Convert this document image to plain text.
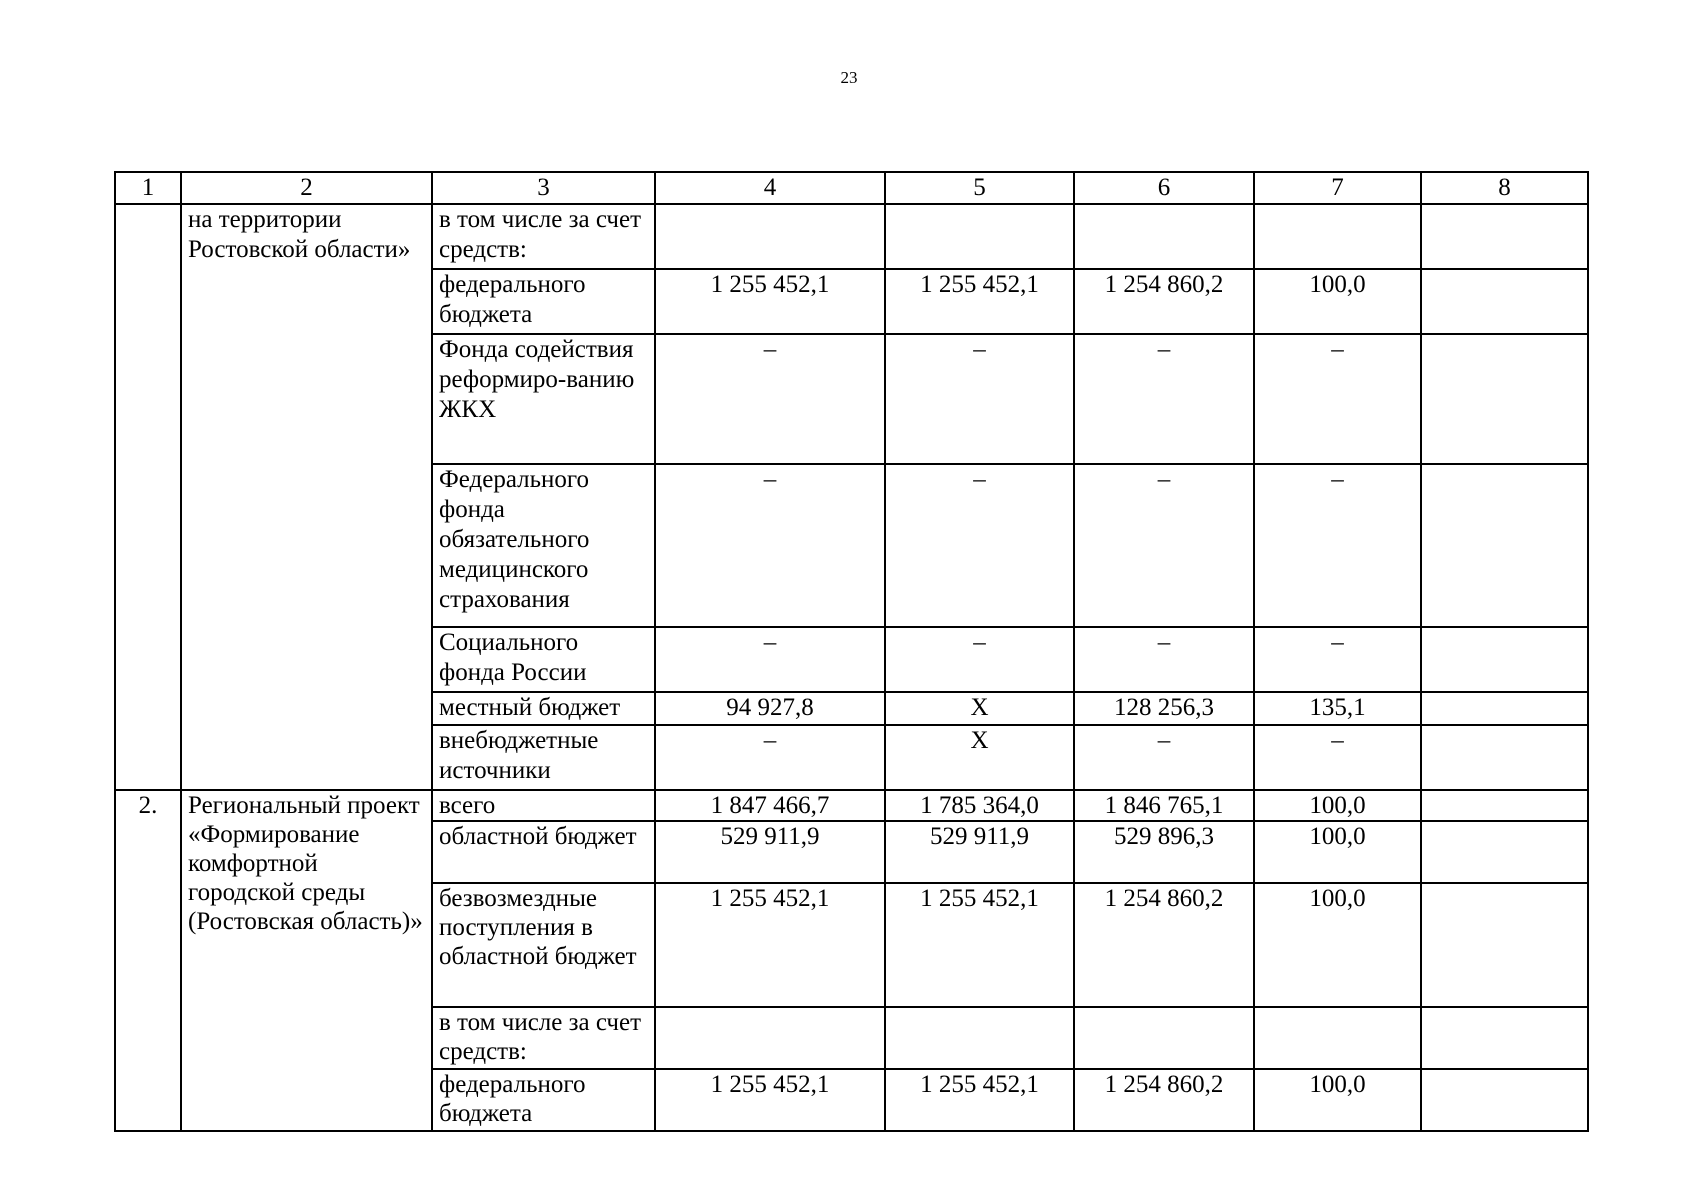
23
1	2	3	4	5	6	7	8
	на территории Ростовской области»	в том числе за счет средств:					
		федерального бюджета	1 255 452,1	1 255 452,1	1 254 860,2	100,0	
		Фонда содействия реформиро-ванию ЖКХ	–	–	–	–	
		Федерального фонда обязательного медицинского страхования	–	–	–	–	
		Социального фонда России	–	–	–	–	
		местный бюджет	94 927,8	Х	128 256,3	135,1	
		внебюджетные источники	–	Х	–	–	
2.	Региональный проект «Формирование комфортной городской среды (Ростовская область)»	всего	1 847 466,7	1 785 364,0	1 846 765,1	100,0	
		областной бюджет	529 911,9	529 911,9	529 896,3	100,0	
		безвозмездные поступления в областной бюджет	1 255 452,1	1 255 452,1	1 254 860,2	100,0	
		в том числе за счет средств:					
		федерального бюджета	1 255 452,1	1 255 452,1	1 254 860,2	100,0	
